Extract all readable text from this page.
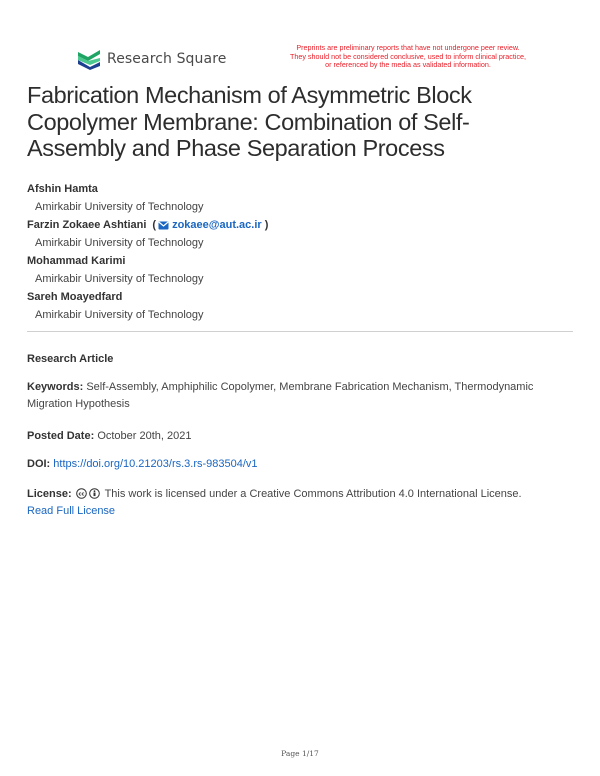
Research Square
Preprints are preliminary reports that have not undergone peer review.
They should not be considered conclusive, used to inform clinical practice,
or referenced by the media as validated information.
Fabrication Mechanism of Asymmetric Block Copolymer Membrane: Combination of Self-Assembly and Phase Separation Process
Afshin Hamta
Amirkabir University of Technology
Farzin Zokaee Ashtiani ( zokaee@aut.ac.ir )
Amirkabir University of Technology
Mohammad Karimi
Amirkabir University of Technology
Sareh Moayedfard
Amirkabir University of Technology
Research Article
Keywords: Self-Assembly, Amphiphilic Copolymer, Membrane Fabrication Mechanism, Thermodynamic Migration Hypothesis
Posted Date: October 20th, 2021
DOI: https://doi.org/10.21203/rs.3.rs-983504/v1
License: cc This work is licensed under a Creative Commons Attribution 4.0 International License.
Read Full License
Page 1/17
